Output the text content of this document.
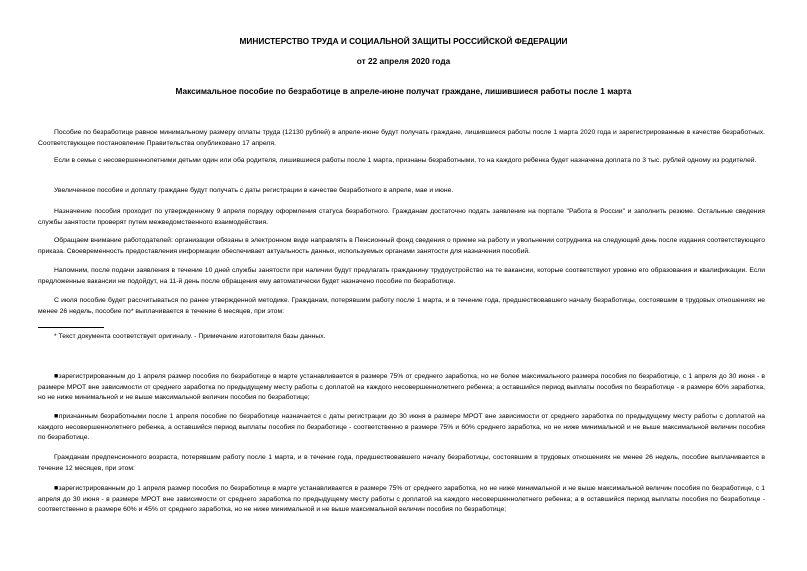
МИНИСТЕРСТВО ТРУДА И СОЦИАЛЬНОЙ ЗАЩИТЫ РОССИЙСКОЙ ФЕДЕРАЦИИ
от 22 апреля 2020 года
Максимальное пособие по безработице в апреле-июне получат граждане, лишившиеся работы после 1 марта

Пособие по безработице равное минимальному размеру оплаты труда (12130 рублей) в апреле-июне будут получать граждане, лишившиеся работы после 1 марта 2020 года и зарегистрированные в качестве безработных. Соответствующее постановление Правительства опубликовано 17 апреля.

Если в семье с несовершеннолетними детьми один или оба родителя, лишившиеся работы после 1 марта, признаны безработными, то на каждого ребенка будет назначена доплата по 3 тыс. рублей одному из родителей.

Увеличенное пособие и доплату граждане будут получать с даты регистрации в качестве безработного в апреле, мае и июне.

Назначение пособия проходит по утвержденному 9 апреля порядку оформления статуса безработного. Гражданам достаточно подать заявление на портале "Работа в России" и заполнить резюме. Остальные сведения службы занятости проверят путем межведомственного взаимодействия.

Обращаем внимание работодателей: организации обязаны в электронном виде направлять в Пенсионный фонд сведения о приеме на работу и увольнении сотрудника на следующий день после издания соответствующего приказа. Своевременность предоставления информации обеспечивает актуальность данных, используемых органами занятости для назначения пособий.

Напомним, после подачи заявления в течение 10 дней службы занятости при наличии будут предлагать гражданину трудоустройство на те вакансии, которые соответствуют уровню его образования и квалификации. Если предложенные вакансии не подойдут, на 11-й день после обращения ему автоматически будет назначено пособие по безработице.

С июля пособие будет рассчитываться по ранее утвержденной методике. Гражданам, потерявшим работу после 1 марта, и в течение года, предшествовавшего началу безработицы, состоявшим в трудовых отношениях не менее 26 недель, пособие по* выплачивается в течение 6 месяцев, при этом:

* Текст документа соответствует оригиналу. - Примечание изготовителя базы данных.

■зарегистрированным до 1 апреля размер пособия по безработице в марте устанавливается в размере 75% от среднего заработка, но не более максимального размера пособия по безработице, с 1 апреля до 30 июня - в размере МРОТ вне зависимости от среднего заработка по предыдущему месту работы с доплатой на каждого несовершеннолетнего ребенка; а оставшийся период выплаты пособия по безработице - в размере 60% заработка, но не ниже минимальной и не выше максимальной величин пособия по безработице;

■признанным безработными после 1 апреля пособие по безработице назначается с даты регистрации до 30 июня в размере МРОТ вне зависимости от среднего заработка по предыдущему месту работы с доплатой на каждого несовершеннолетнего ребенка, а оставшийся период выплаты пособия по безработице - соответственно в размере 75% и 60% среднего заработка, но не ниже минимальной и не выше максимальной величин пособия по безработице.

Гражданам предпенсионного возраста, потерявшим работу после 1 марта, и в течение года, предшествовавшего началу безработицы, состоявшим в трудовых отношениях не менее 26 недель, пособие выплачивается в течение 12 месяцев, при этом:

■зарегистрированным до 1 апреля размер пособия по безработице в марте устанавливается в размере 75% от среднего заработка, но не ниже минимальной и не выше максимальной величин пособия по безработице, с 1 апреля до 30 июня - в размере МРОТ вне зависимости от среднего заработка по предыдущему месту работы с доплатой на каждого несовершеннолетнего ребенка; а в оставшийся период выплаты пособия по безработице - соответственно в размере 60% и 45% от среднего заработка, но не ниже минимальной и не выше максимальной величин пособия по безработице;
